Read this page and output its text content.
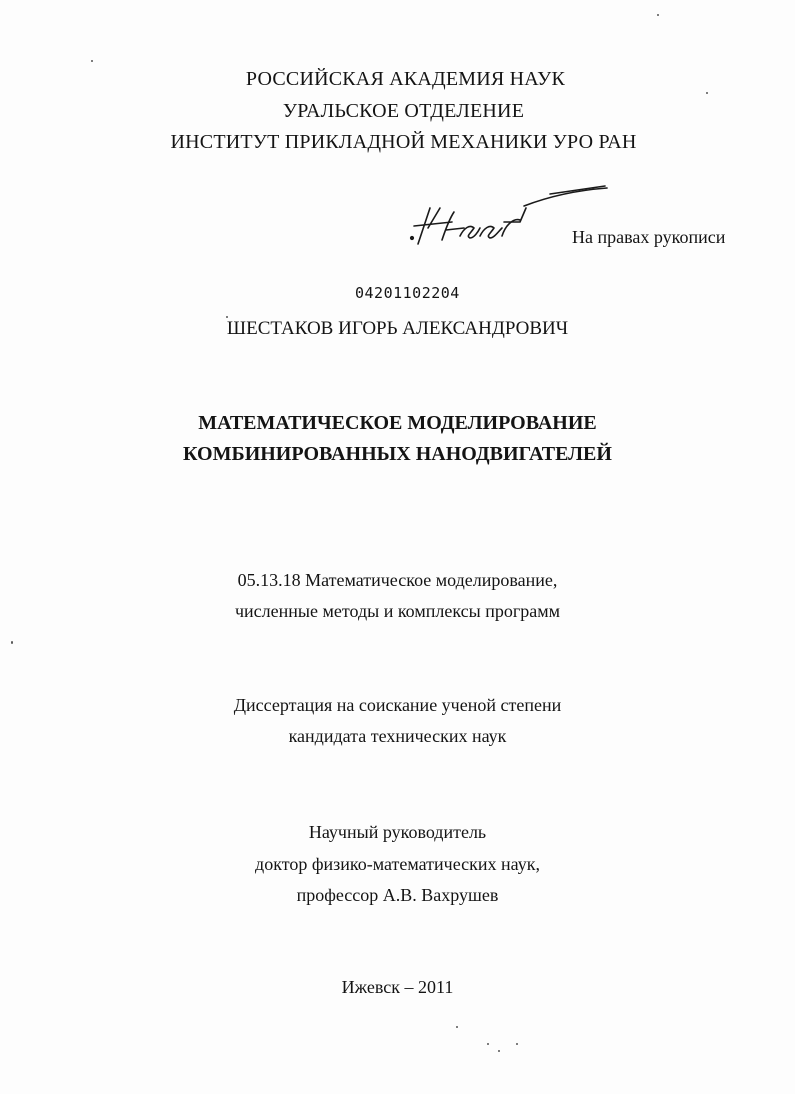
РОССИЙСКАЯ АКАДЕМИЯ НАУК
УРАЛЬСКОЕ ОТДЕЛЕНИЕ
ИНСТИТУТ ПРИКЛАДНОЙ МЕХАНИКИ УРО РАН
На правах рукописи
04201102204
ШЕСТАКОВ ИГОРЬ АЛЕКСАНДРОВИЧ
МАТЕМАТИЧЕСКОЕ МОДЕЛИРОВАНИЕ
КОМБИНИРОВАННЫХ НАНОДВИГАТЕЛЕЙ
05.13.18 Математическое моделирование,
численные методы и комплексы программ
Диссертация на соискание ученой степени
кандидата технических наук
Научный руководитель
доктор физико-математических наук,
профессор А.В. Вахрушев
Ижевск – 2011
